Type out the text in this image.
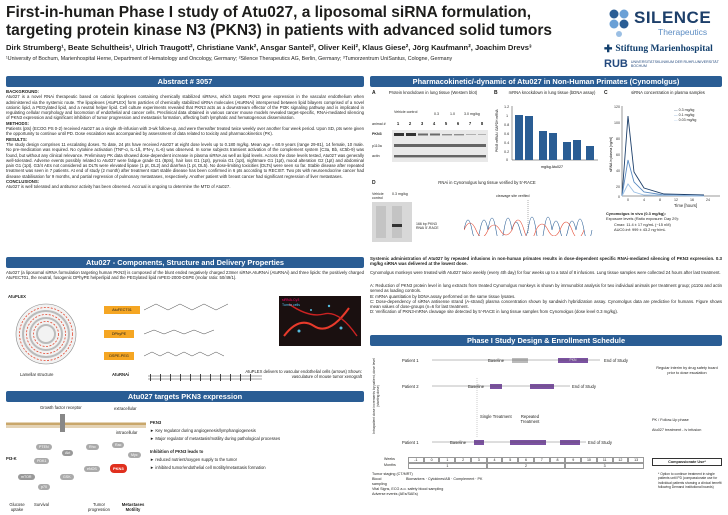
First-in-human Phase I study of Atu027, a liposomal siRNA formulation, targeting protein kinase N3 (PKN3) in patients with advanced solid tumors
Dirk Strumberg¹, Beate Schultheis¹, Ulrich Traugott², Christiane Vank², Ansgar Santel², Oliver Keil², Klaus Giese², Jörg Kaufmann², Joachim Drevs³
¹University of Bochum, Marienhospital Herne, Department of Hematology and Oncology, Germany; ²Silence Therapeutics AG, Berlin, Germany; ³Tumorzentrum UniSantus, Cologne, Germany
SILENCE
Therapeutics
✚ Stiftung Marienhospital
RUB UNIVERSITÄTSKLINIKUM DER RUHR-UNIVERSITÄT BOCHUM
Abstract # 3057
BACKGROUND:
Atu027 is a novel RNAi therapeutic based on cationic lipoplexes containing chemically stabilized siRNAs, which targets PKN3 gene expression in the vascular endothelium when administered via the systemic route. The lipoplexes (AtuPLEX) form particles of chemically stabilized siRNA molecules (AtuRNAi) interspersed between lipid bilayers comprised of a novel cationic lipid, a PEGylated lipid, and a neutral helper lipid. Cell culture experiments revealed that PKN3 acts as a downstream effector of the PI3K signaling pathway and is implicated in regulating cellular morphology and locomotion of endothelial and cancer cells. Preclinical data obtained in various cancer mouse models revealed target-specific, RNAi-mediated silencing of PKN3 expression and significant inhibition of tumor progression and metastasis formation, affecting both lymphatic and hematogenous dissemination.
METHODS:
Patients (pts) (ECOG PS 0-2) received Atu027 as a single 4h-infusion with 3-wk follow-up, and were thereafter treated twice weekly over another four week period. Upon SD, pts were given the opportunity to continue until PD. Dose escalation was accompanied by assessment of data related to toxicity and pharmacokinetics (PK).
RESULTS:
The study design comprises 11 escalating doses. To date, 24 pts have received Atu027 at eight dose levels up to 0.180 mg/kg. Mean age = 60.9 years (range 29-81), 14 female, 10 male. No pre-medication was required. No cytokine activation (TNF-α, IL-1ß, IFN-γ, IL-6) was observed. In some subjects transient activation of the complement system (C3a, Bb, sC5b-9) was found, but without any clinical relevance. Preliminary PK data showed dose-dependent increase in plasma siRNA as well as lipid levels. Across the dose levels tested, Atu027 was generally well-tolerated. Adverse events possibly related to Atu027 were fatigue grade G1 (8pts), hair loss G1 (1pt), pyrexia G1 (1pt), nightmare G1 (1pt), mood alteration G2 (1pt) and abdominal pain G1 (1pt). G3/4 AEs not considered as DLTs were elevated lipase (1 pt, DL2) and diarrhea (1 pt, DL5). No dose-limiting toxicities (DLTs) were seen so far. Stable disease after repeated treatment was seen in 7 patients. At end of study (2 month) after treatment start stable disease has been confirmed in 6 pts according to RECIST. Two pts with neuroendocrine cancer had disease stabilisation for 9 months, and partial regression of pulmonary metastases, respectively. Another patient with breast cancer had significant regression of liver metastases.
CONCLUSIONS:
Atu027 is well tolerated and antitumor activity has been observed. Accrual is ongoing to determine the MTD of Atu027.
Atu027 - Components, Structure and Delivery Properties
Atu027 (a liposomal siRNA formulation targeting human PKN3) is composed of the blunt ended negatively charged 23mer siRNA AtuRNAi (AtuRNAi) and three lipids: the positively charged AtuFECT01, the neutral, fusogenic DPhyPE helperlipid and the PEGylated lipid mPEG-2000-DSPE (molar ratio: 50/49/1).
AtuPLEX
Lamellar structure
AtuFECT01
DPhyPE
DSPE-PEG
AtuRNAi
siRNA-Cy3
Tumor cells
AtuPLEX delivers to vascular endothelial cells (arrows) Shown: vasculature of mouse tumor xenograft
Atu027 targets PKN3 expression
Growth factor receptor	extracellular
intracellular
PI3-K
PTEN
Akt
PDK1
Rac
Myc
mTOR
PKN3
p70
GSK
eNOS
Rho
Glucose uptake
Survival	Tumor progression
Metastases Motility
PKN3
► Key regulator during angiogenesis/lymphangiogenesis
► Major regulator of metastasis/motility during pathological processes
Inhibition of PKN3 leads to
► reduced nutrient/oxygen supply to the tumor
► inhibited tumor/endothelial cell motility/metastasis formation
Pharmacokinetic/-dynamic of Atu027 in Non-Human Primates (Cynomolgus)
A	Protein knockdown in lung tissue (Western blot)
Vehicle control	0.3	1.0	3.0 mg/kg
animal #	1 2 3 4 5 6 7 8
PKN3
p110a
actin
B	mRNA knockdown in lung tissue (bDNA assay)
1.2
1
0.8
0.6
0.4
0.2
0
PKN3 mRNA / GAPDH mRNA
mg/kg Atu027
C	siRNA concentration in plasma samples
120
100
80
60
40
20
0
siRNA in plasma [ng/ml]
0	4	8	12	16	24
— 0.3 mg/kg
— 0.1 mg/kg
— 0.03 mg/kg
Time [hours]
Cynomolgus in vivo (0.3 mg/kg):
Exposure levels (Ratio exposure: Day 29):
Cmax: 11.4 ± 17 ng/mL (~15 nM)
AUC0-inf: 999 ± 43.2 ng·h/mL
D	RNAi in Cynomolgus lung tissue verified by 5'-RACE
Vehicle control
0.3 mg/kg
166 bp PKN3 RNAi 5'-RACE
cleavage site verified
Systemic administration of Atu027 by repeated infusions in non-human primates results in dose-dependent specific RNAi-mediated silencing of PKN3 expression. 0.3 mg/kg siRNA was delivered at the lowest dose.
Cynomolgus monkeys were treated with Atu027 twice weekly (every 4th day) for four weeks up to a total of 8 infusions. Lung tissue samples were collected 24 hours after last treatment.
A: Reduction of PKN3 protein level in lung extracts from treated Cynomolgus monkeys is shown by immunoblot analysis for two individual animals per treatment group; p110α and actin served as loading controls.
B: mRNA quantitation by bDNA assay performed on the same tissue lysates.
C: Dose-dependency of siRNA antisense strand (A-strand) plasma concentration shown by sandwich hybridization assay. Cynomolgus data are predictive for humans. Figure shows mean values of dose-groups (n=6 for last treatment.
D: Verification of PKN3-mRNA cleavage site detected by 5'-RACE in lung tissue samples from Cynomolgus (dose level 0.3 mg/kg).
Phase I Study Design & Enrollment Schedule
Intrapatient dose increments by patient, dose level (starting dose)
Patient 1
Patient 2
Patient 1
Baseline	PKN	End of Study
Baseline	End of Study
Single Treatment	Repeated Treatment
Baseline	End of Study
Regular interim by drug safety board prior to dose escalation
PK / Follow-Up phase
Atu027 treatment - iv infusion
Weeks
Months
-1	0	1	2	3	4	5	6	7	8	9	10	11	12	13
1	2	3
Compassionate Use*
Tumor staging (CT/MRT)
Blood sampling
Biomarkers · Cytokines/AB · Complement · PK
Vital Signs, ECG a.o. safety blood sampling
Adverse events (AEs/SAEs)
* Option to continue treatment in single patients until PD (compassionate use for individual patients showing a clinical benefit following Demand institutional boards)
